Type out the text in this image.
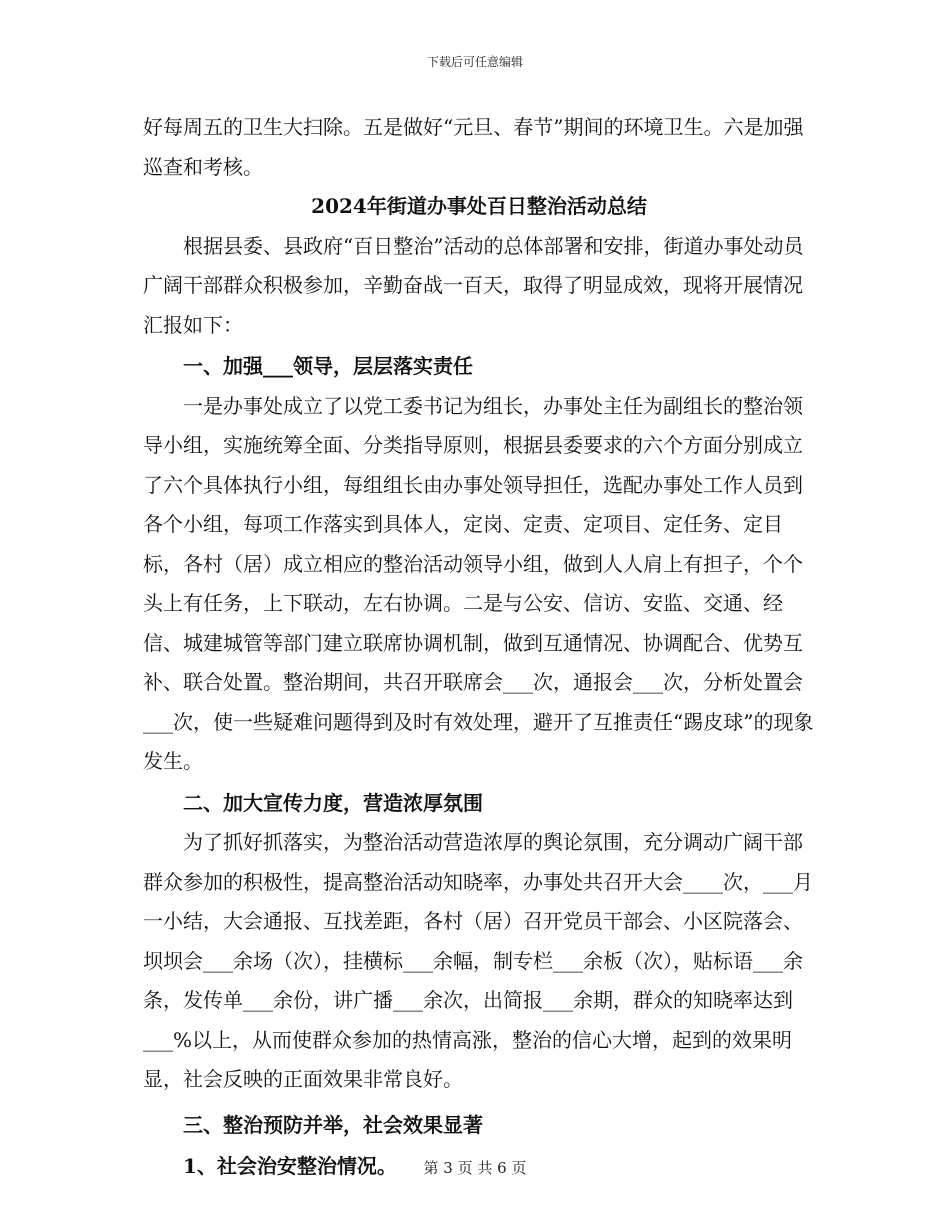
下载后可任意编辑

好每周五的卫生大扫除。五是做好“元旦、春节”期间的环境卫生。六是加强巡查和考核。

2024年街道办事处百日整治活动总结

根据县委、县政府“百日整治”活动的总体部署和安排，街道办事处动员广阔干部群众积极参加，辛勤奋战一百天，取得了明显成效，现将开展情况汇报如下：

一、加强___领导，层层落实责任

一是办事处成立了以党工委书记为组长，办事处主任为副组长的整治领导小组，实施统筹全面、分类指导原则，根据县委要求的六个方面分别成立了六个具体执行小组，每组组长由办事处领导担任，选配办事处工作人员到各个小组，每项工作落实到具体人，定岗、定责、定项目、定任务、定目标，各村（居）成立相应的整治活动领导小组，做到人人肩上有担子，个个头上有任务，上下联动，左右协调。二是与公安、信访、安监、交通、经信、城建城管等部门建立联席协调机制，做到互通情况、协调配合、优势互补、联合处置。整治期间，共召开联席会___次，通报会___次，分析处置会___次，使一些疑难问题得到及时有效处理，避开了互推责任“踢皮球”的现象发生。

二、加大宣传力度，营造浓厚氛围

为了抓好抓落实，为整治活动营造浓厚的舆论氛围，充分调动广阔干部群众参加的积极性，提高整治活动知晓率，办事处共召开大会____次，___月一小结，大会通报、互找差距，各村（居）召开党员干部会、小区院落会、坝坝会___余场（次），挂横标___余幅，制专栏___余板（次），贴标语___余条，发传单___余份，讲广播___余次，出简报___余期，群众的知晓率达到___%以上，从而使群众参加的热情高涨，整治的信心大增，起到的效果明显，社会反映的正面效果非常良好。

三、整治预防并举，社会效果显著

1、社会治安整治情况。	第 3 页 共 6 页
